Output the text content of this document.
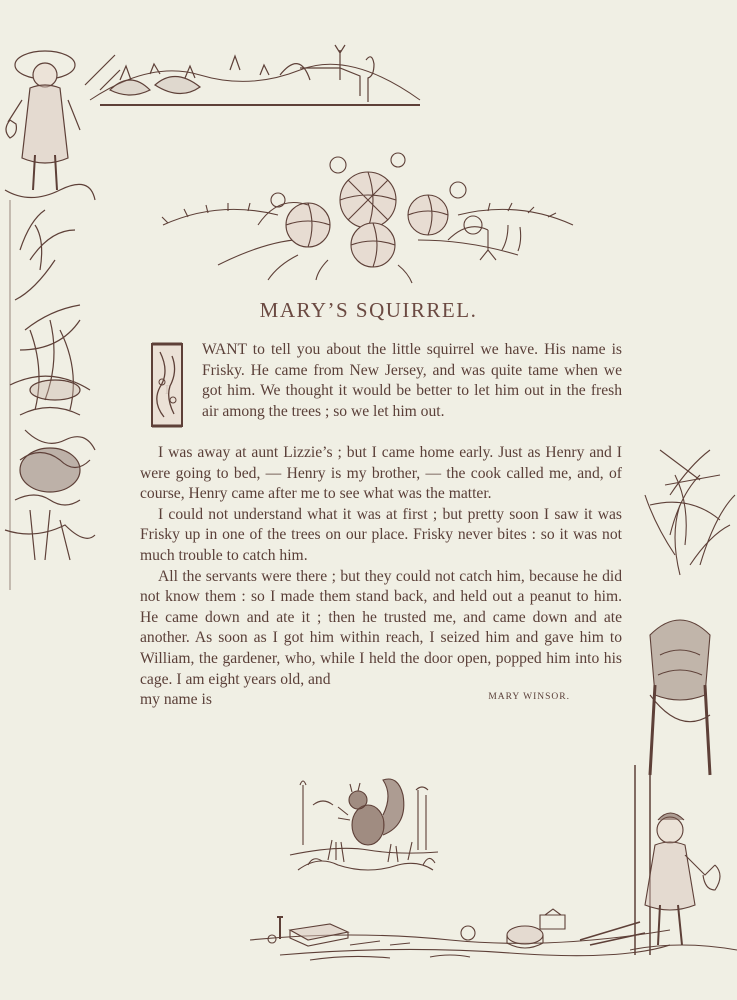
MARY’S SQUIRREL.
I

WANT to tell you about the little squirrel we have. His name is Frisky. He came from New Jersey, and was quite tame when we got him. We thought it would be better to let him out in the fresh air among the trees ; so we let him out.

I was away at aunt Lizzie’s ; but I came home early. Just as Henry and I were going to bed, — Henry is my brother, — the cook called me, and, of course, Henry came after me to see what was the matter.

I could not understand what it was at first ; but pretty soon I saw it was Frisky up in one of the trees on our place. Frisky never bites : so it was not much trouble to catch him.

All the servants were there ; but they could not catch him, because he did not know them : so I made them stand back, and held out a peanut to him. He came down and ate it ; then he trusted me, and came down and ate another. As soon as I got him within reach, I seized him and gave him to William, the gardener, who, while I held the door open, popped him into his cage. I am eight years old, and

my name is	MARY WINSOR.
